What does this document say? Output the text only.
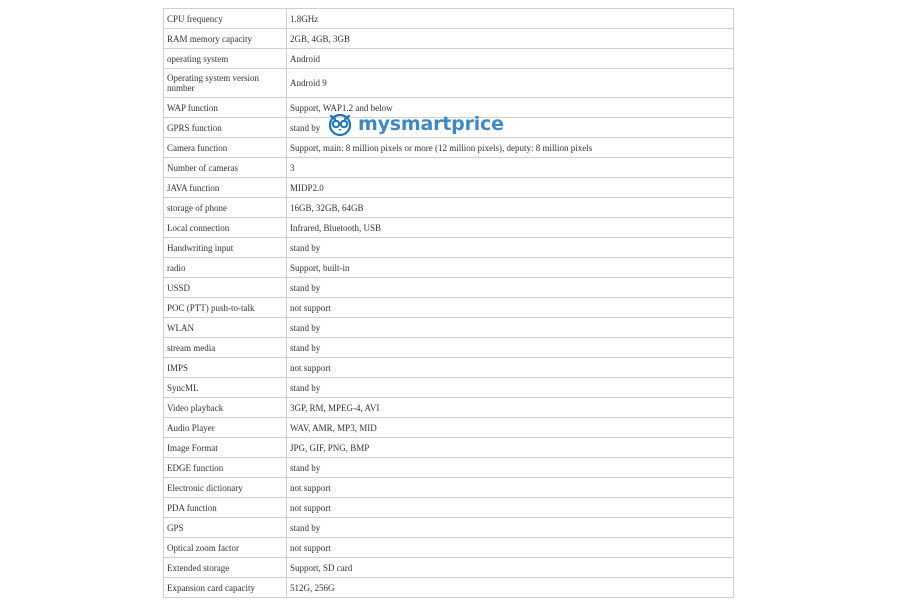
CPU frequency	1.8GHz
RAM memory capacity	2GB, 4GB, 3GB
operating system	Android
Operating system version number	Android 9
WAP function	Support, WAP1.2 and below
GPRS function	stand by
Camera function	Support, main: 8 million pixels or more (12 million pixels), deputy: 8 million pixels
Number of cameras	3
JAVA function	MIDP2.0
storage of phone	16GB, 32GB, 64GB
Local connection	Infrared, Bluetooth, USB
Handwriting input	stand by
radio	Support, built-in
USSD	stand by
POC (PTT) push-to-talk	not support
WLAN	stand by
stream media	stand by
IMPS	not support
SyncML	stand by
Video playback	3GP, RM, MPEG-4, AVI
Audio Player	WAV, AMR, MP3, MID
Image Format	JPG, GIF, PNG, BMP
EDGE function	stand by
Electronic dictionary	not support
PDA function	not support
GPS	stand by
Optical zoom factor	not support
Extended storage	Support, SD card
Expansion card capacity	512G, 256G
mysmartprice
